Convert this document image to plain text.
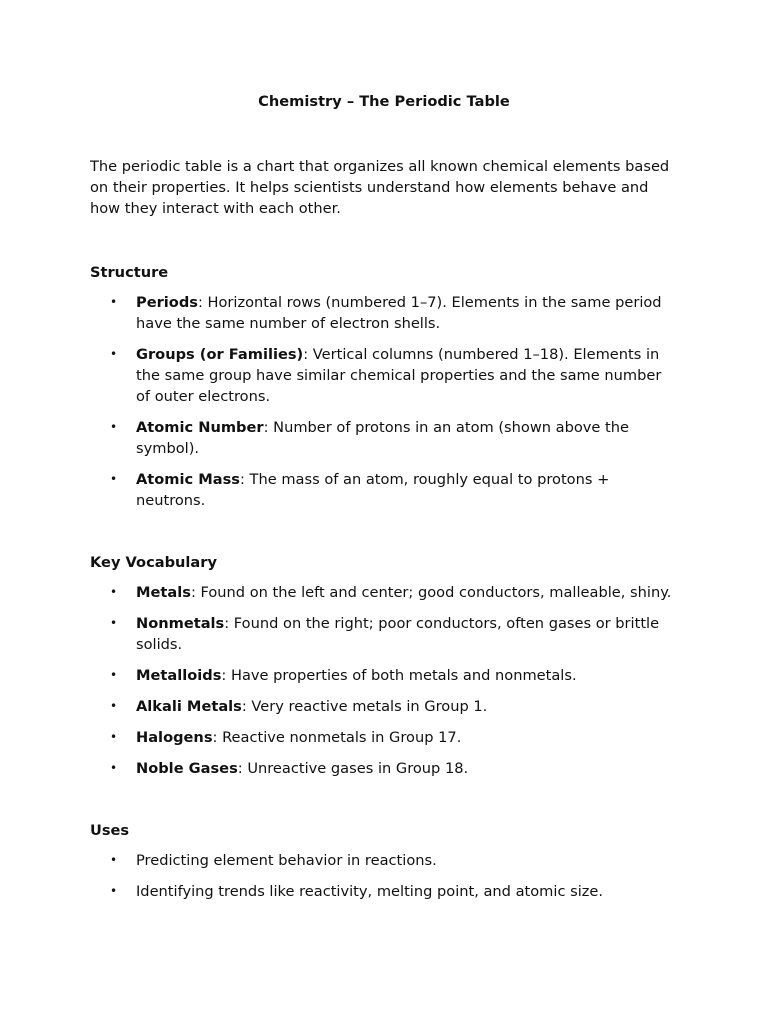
Chemistry – The Periodic Table

The periodic table is a chart that organizes all known chemical elements based on their properties. It helps scientists understand how elements behave and how they interact with each other.

Structure
• Periods: Horizontal rows (numbered 1–7). Elements in the same period have the same number of electron shells.
• Groups (or Families): Vertical columns (numbered 1–18). Elements in the same group have similar chemical properties and the same number of outer electrons.
• Atomic Number: Number of protons in an atom (shown above the symbol).
• Atomic Mass: The mass of an atom, roughly equal to protons + neutrons.
Key Vocabulary
• Metals: Found on the left and center; good conductors, malleable, shiny.
• Nonmetals: Found on the right; poor conductors, often gases or brittle solids.
• Metalloids: Have properties of both metals and nonmetals.
• Alkali Metals: Very reactive metals in Group 1.
• Halogens: Reactive nonmetals in Group 17.
• Noble Gases: Unreactive gases in Group 18.
Uses
• Predicting element behavior in reactions.
• Identifying trends like reactivity, melting point, and atomic size.
